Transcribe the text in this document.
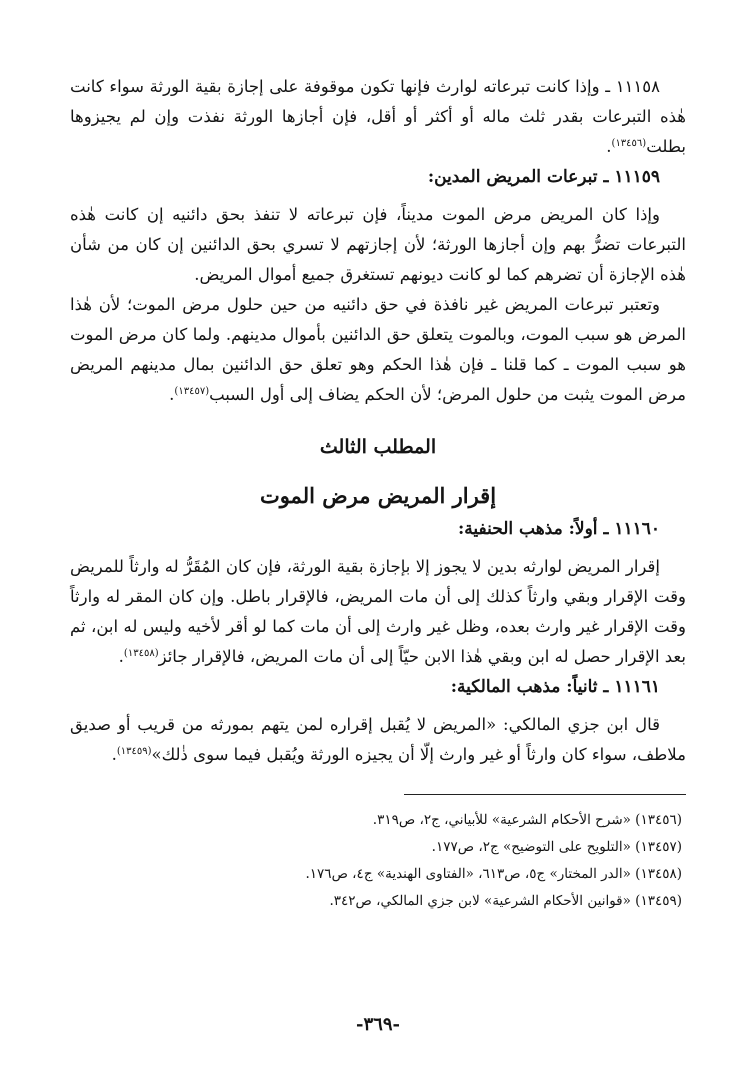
١١١٥٨ ـ وإذا كانت تبرعاته لوارث فإنها تكون موقوفة على إجازة بقية الورثة سواء كانت هٰذه التبرعات بقدر ثلث ماله أو أكثر أو أقل، فإن أجازها الورثة نفذت وإن لم يجيزوها بطلت$^{(١٣٤٥٦)}$.

١١١٥٩ ـ تبرعات المريض المدين:

وإذا كان المريض مرض الموت مديناً، فإن تبرعاته لا تنفذ بحق دائنيه إن كانت هٰذه التبرعات تضرُّ بهم وإن أجازها الورثة؛ لأن إجازتهم لا تسري بحق الدائنين إن كان من شأن هٰذه الإجازة أن تضرهم كما لو كانت ديونهم تستغرق جميع أموال المريض.

وتعتبر تبرعات المريض غير نافذة في حق دائنيه من حين حلول مرض الموت؛ لأن هٰذا المرض هو سبب الموت، وبالموت يتعلق حق الدائنين بأموال مدينهم. ولما كان مرض الموت هو سبب الموت ـ كما قلنا ـ فإن هٰذا الحكم وهو تعلق حق الدائنين بمال مدينهم المريض مرض الموت يثبت من حلول المرض؛ لأن الحكم يضاف إلى أول السبب$^{(١٣٤٥٧)}$.

المطلب الثالث
إقرار المريض مرض الموت
١١١٦٠ ـ أولاً: مذهب الحنفية:

إقرار المريض لوارثه بدين لا يجوز إلا بإجازة بقية الورثة، فإن كان المُقَرُّ له وارثاً للمريض وقت الإقرار وبقي وارثاً كذلك إلى أن مات المريض، فالإقرار باطل. وإن كان المقر له وارثاً وقت الإقرار غير وارث بعده، وظل غير وارث إلى أن مات كما لو أقر لأخيه وليس له ابن، ثم بعد الإقرار حصل له ابن وبقي هٰذا الابن حيّاً إلى أن مات المريض، فالإقرار جائز$^{(١٣٤٥٨)}$.

١١١٦١ ـ ثانياً: مذهب المالكية:

قال ابن جزي المالكي: «المريض لا يُقبل إقراره لمن يتهم بمورثه من قريب أو صديق ملاطف، سواء كان وارثاً أو غير وارث إلّا أن يجيزه الورثة ويُقبل فيما سوى ذٰلك»$^{(١٣٤٥٩)}$.

(١٣٤٥٦) «شرح الأحكام الشرعية» للأبياني، ج٢، ص٣١٩.

(١٣٤٥٧) «التلويح على التوضيح» ج٢، ص١٧٧.

(١٣٤٥٨) «الدر المختار» ج٥، ص٦١٣، «الفتاوى الهندية» ج٤، ص١٧٦.

(١٣٤٥٩) «قوانين الأحكام الشرعية» لابن جزي المالكي، ص٣٤٢.

-٣٦٩-
